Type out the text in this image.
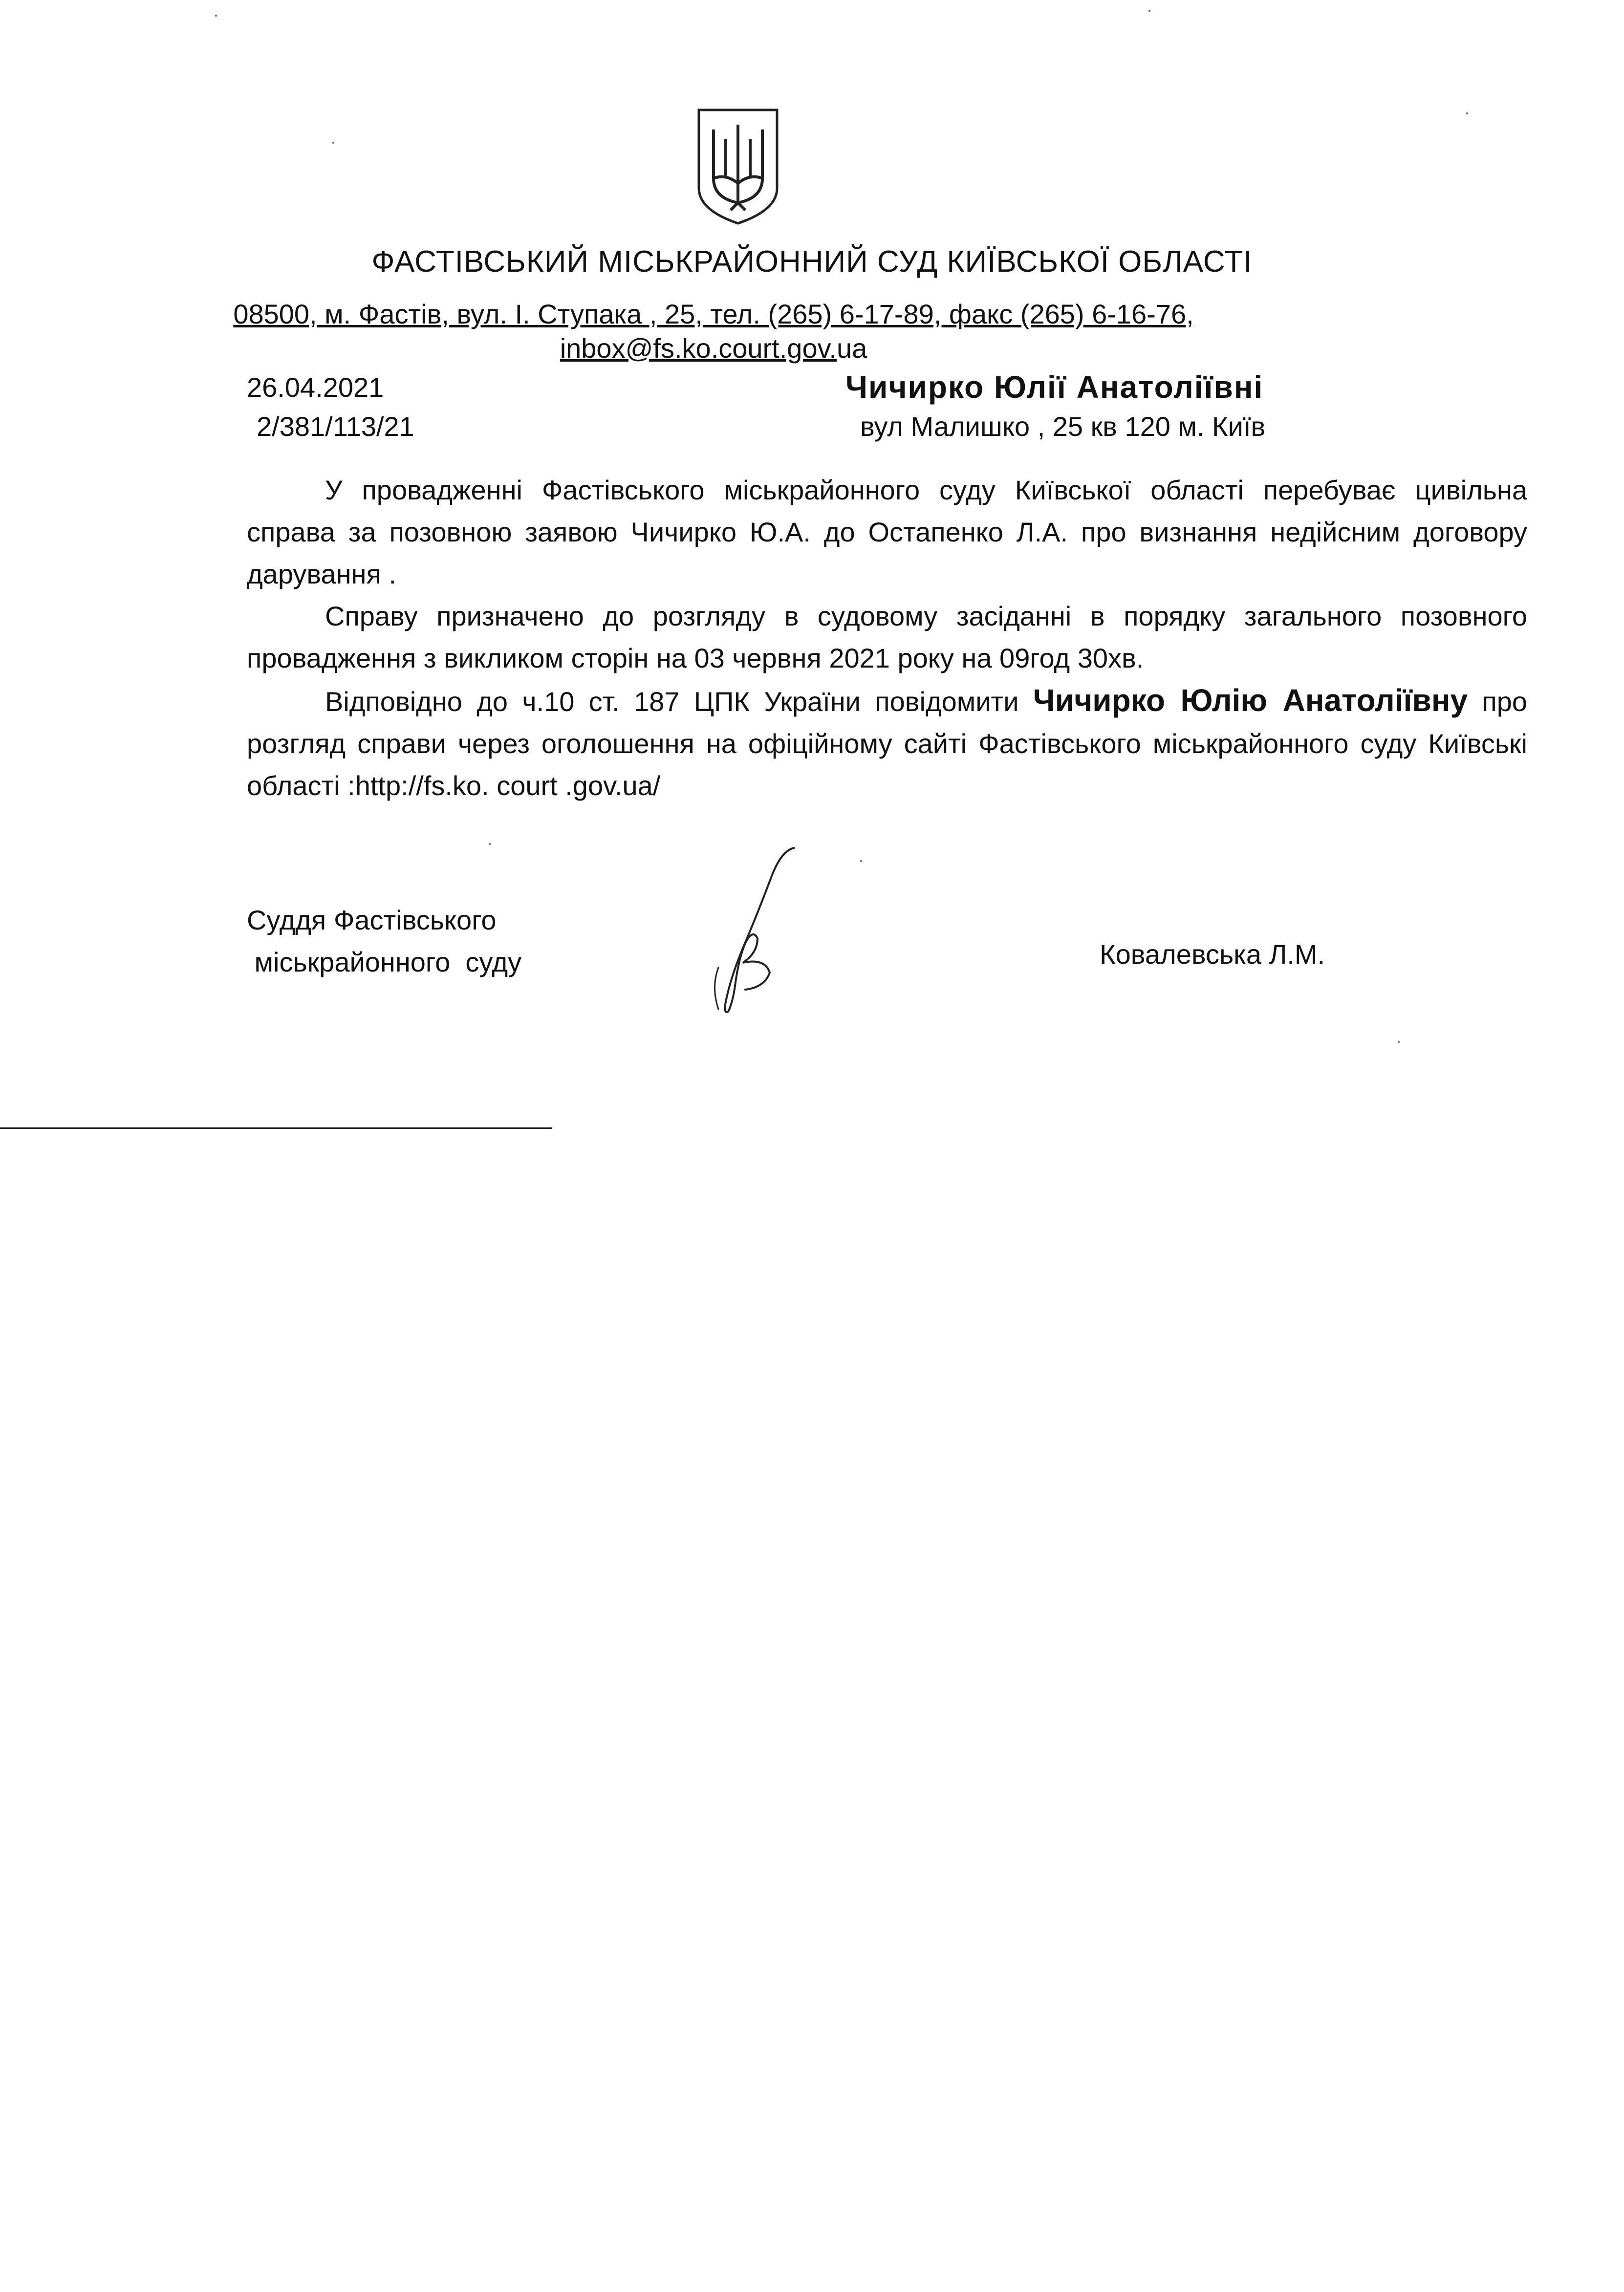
ФАСТІВСЬКИЙ МІСЬКРАЙОННИЙ СУД КИЇВСЬКОЇ ОБЛАСТІ
08500, м. Фастів, вул. І. Ступака , 25, тел. (265) 6-17-89, факс (265) 6-16-76,
inbox@fs.ko.court.gov.ua
26.04.2021
2/381/113/21
Чичирко Юлії Анатоліївні
вул Малишко , 25 кв 120 м. Київ

У провадженні Фастівського міськрайонного суду Київської області перебуває цивільна справа за позовною заявою Чичирко Ю.А. до Остапенко Л.А. про визнання недійсним договору дарування .

Справу призначено до розгляду в судовому засіданні в порядку загального позовного провадження з викликом сторін на 03 червня 2021 року на 09год 30хв.

Відповідно до ч.10 ст. 187 ЦПК України повідомити Чичирко Юлію Анатоліївну про розгляд справи через оголошення на офіційному сайті Фастівського міськрайонного суду Київські області :http://fs.ko. court .gov.ua/

Суддя Фастівського
міськрайонного  суду	Ковалевська Л.М.
